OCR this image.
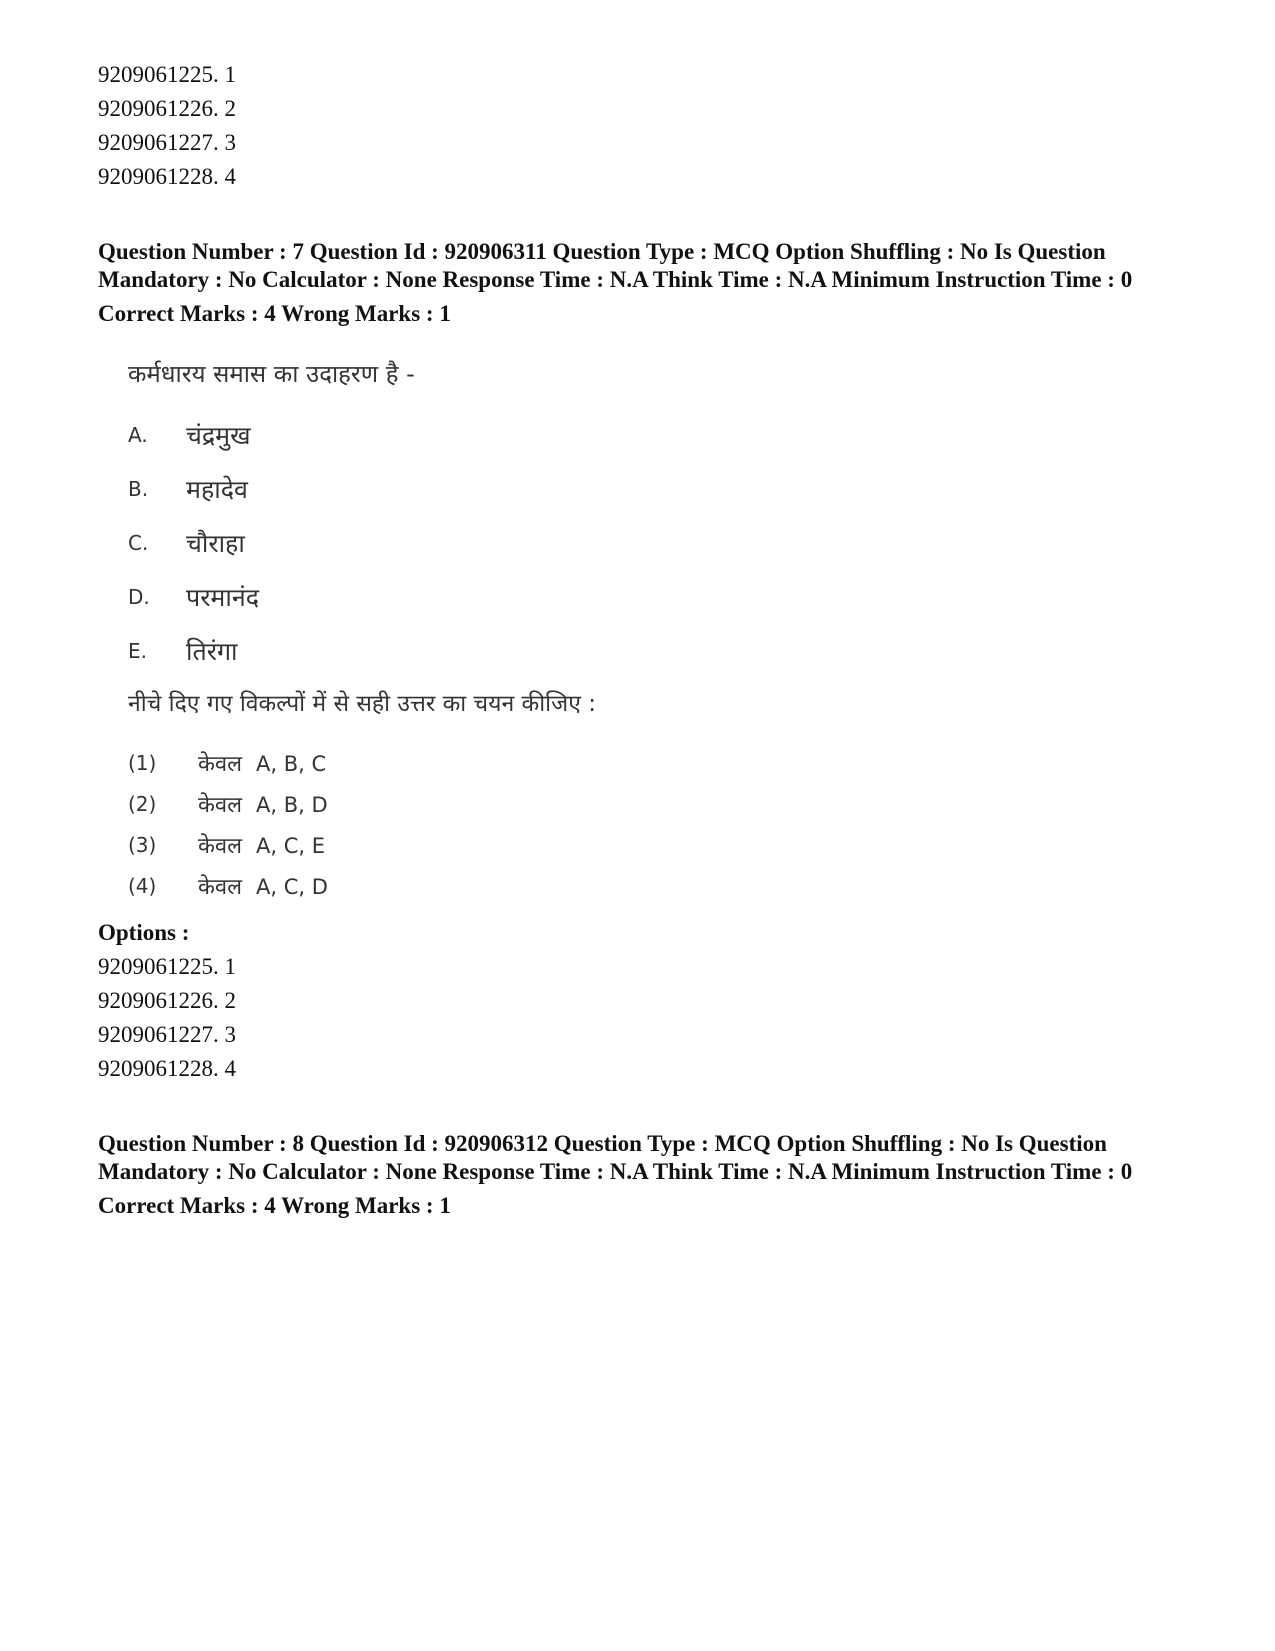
9209061225. 1
9209061226. 2
9209061227. 3
9209061228. 4
Question Number : 7 Question Id : 920906311 Question Type : MCQ Option Shuffling : No Is Question Mandatory : No Calculator : None Response Time : N.A Think Time : N.A Minimum Instruction Time : 0
Correct Marks : 4 Wrong Marks : 1
कर्मधारय समास का उदाहरण है -
A.	चंद्रमुख
B.	महादेव
C.	चौराहा
D.	परमानंद
E.	तिरंगा
नीचे दिए गए विकल्पों में से सही उत्तर का चयन कीजिए :
(1)	केवल A, B, C
(2)	केवल A, B, D
(3)	केवल A, C, E
(4)	केवल A, C, D
Options :
9209061225. 1
9209061226. 2
9209061227. 3
9209061228. 4
Question Number : 8 Question Id : 920906312 Question Type : MCQ Option Shuffling : No Is Question Mandatory : No Calculator : None Response Time : N.A Think Time : N.A Minimum Instruction Time : 0
Correct Marks : 4 Wrong Marks : 1
